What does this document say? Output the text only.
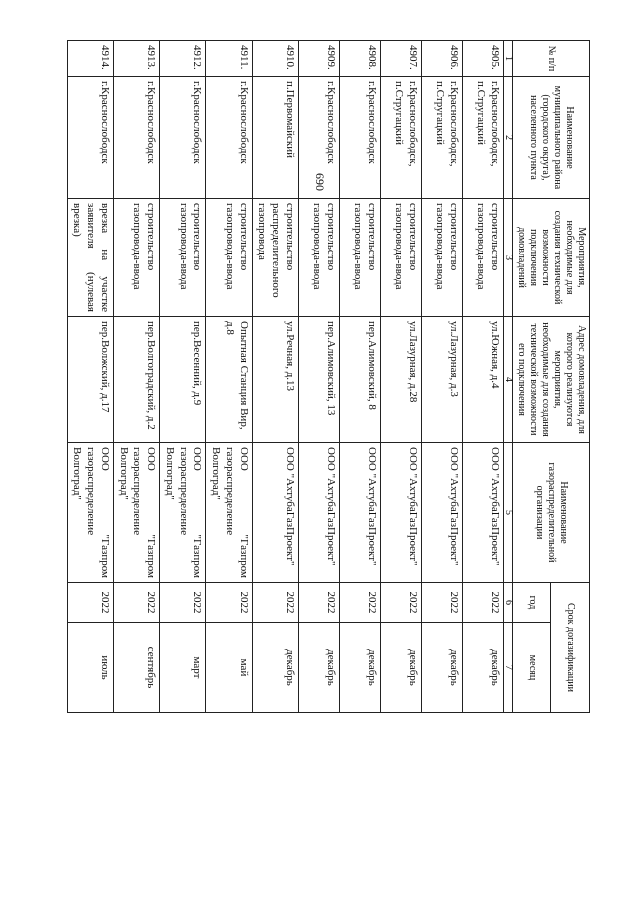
690
№ п/п	Наименование муниципального района (городского округа), населенного пункта	Мероприятия, необходимые для создания технической возможности подключения домовладений	Адрес домовладения, для которого реализуются мероприятия, необходимые для создания технической возможности его подключения	Наименование газораспределительной организации	Срок догазификации	
					год	месяц
1	2	3	4	5	6	7
4905.	г.Краснослободск, п.Стругацкий	строительство газопровода-ввода	ул.Южная, д.4	ООО "АхтубаГазПроект"	2022	декабрь
4906.	г.Краснослободск, п.Стругацкий	строительство газопровода-ввода	ул.Лазурная, д.3	ООО "АхтубаГазПроект"	2022	декабрь
4907.	г.Краснослободск, п.Стругацкий	строительство газопровода-ввода	ул.Лазурная, д.28	ООО "АхтубаГазПроект"	2022	декабрь
4908.	г.Краснослободск	строительство газопровода-ввода	пер.Алимовский, 8	ООО "АхтубаГазПроект"	2022	декабрь
4909.	г.Краснослободск	строительство газопровода-ввода	пер.Алимовский, 13	ООО "АхтубаГазПроект"	2022	декабрь
4910.	п.Первомайский	строительство распределительного газопровода	ул.Речная, д.13	ООО "АхтубаГазПроект"	2022	декабрь
4911.	г.Краснослободск	строительство газопровода-ввода	Опытная Станция Вир, д.8	ООО "Газпром газораспределение Волгоград"	2022	май
4912.	г.Краснослободск	строительство газопровода-ввода	пер.Весенний, д.9	ООО "Газпром газораспределение Волгоград"	2022	март
4913.	г.Краснослободск	строительство газопровода-ввода	пер.Волгоградский, д.2	ООО "Газпром газораспределение Волгоград"	2022	сентябрь
4914.	г.Краснослободск	врезка на участке заявителя (нулевая врезка)	пер.Волжский, д.17	ООО "Газпром газораспределение Волгоград"	2022	июль
